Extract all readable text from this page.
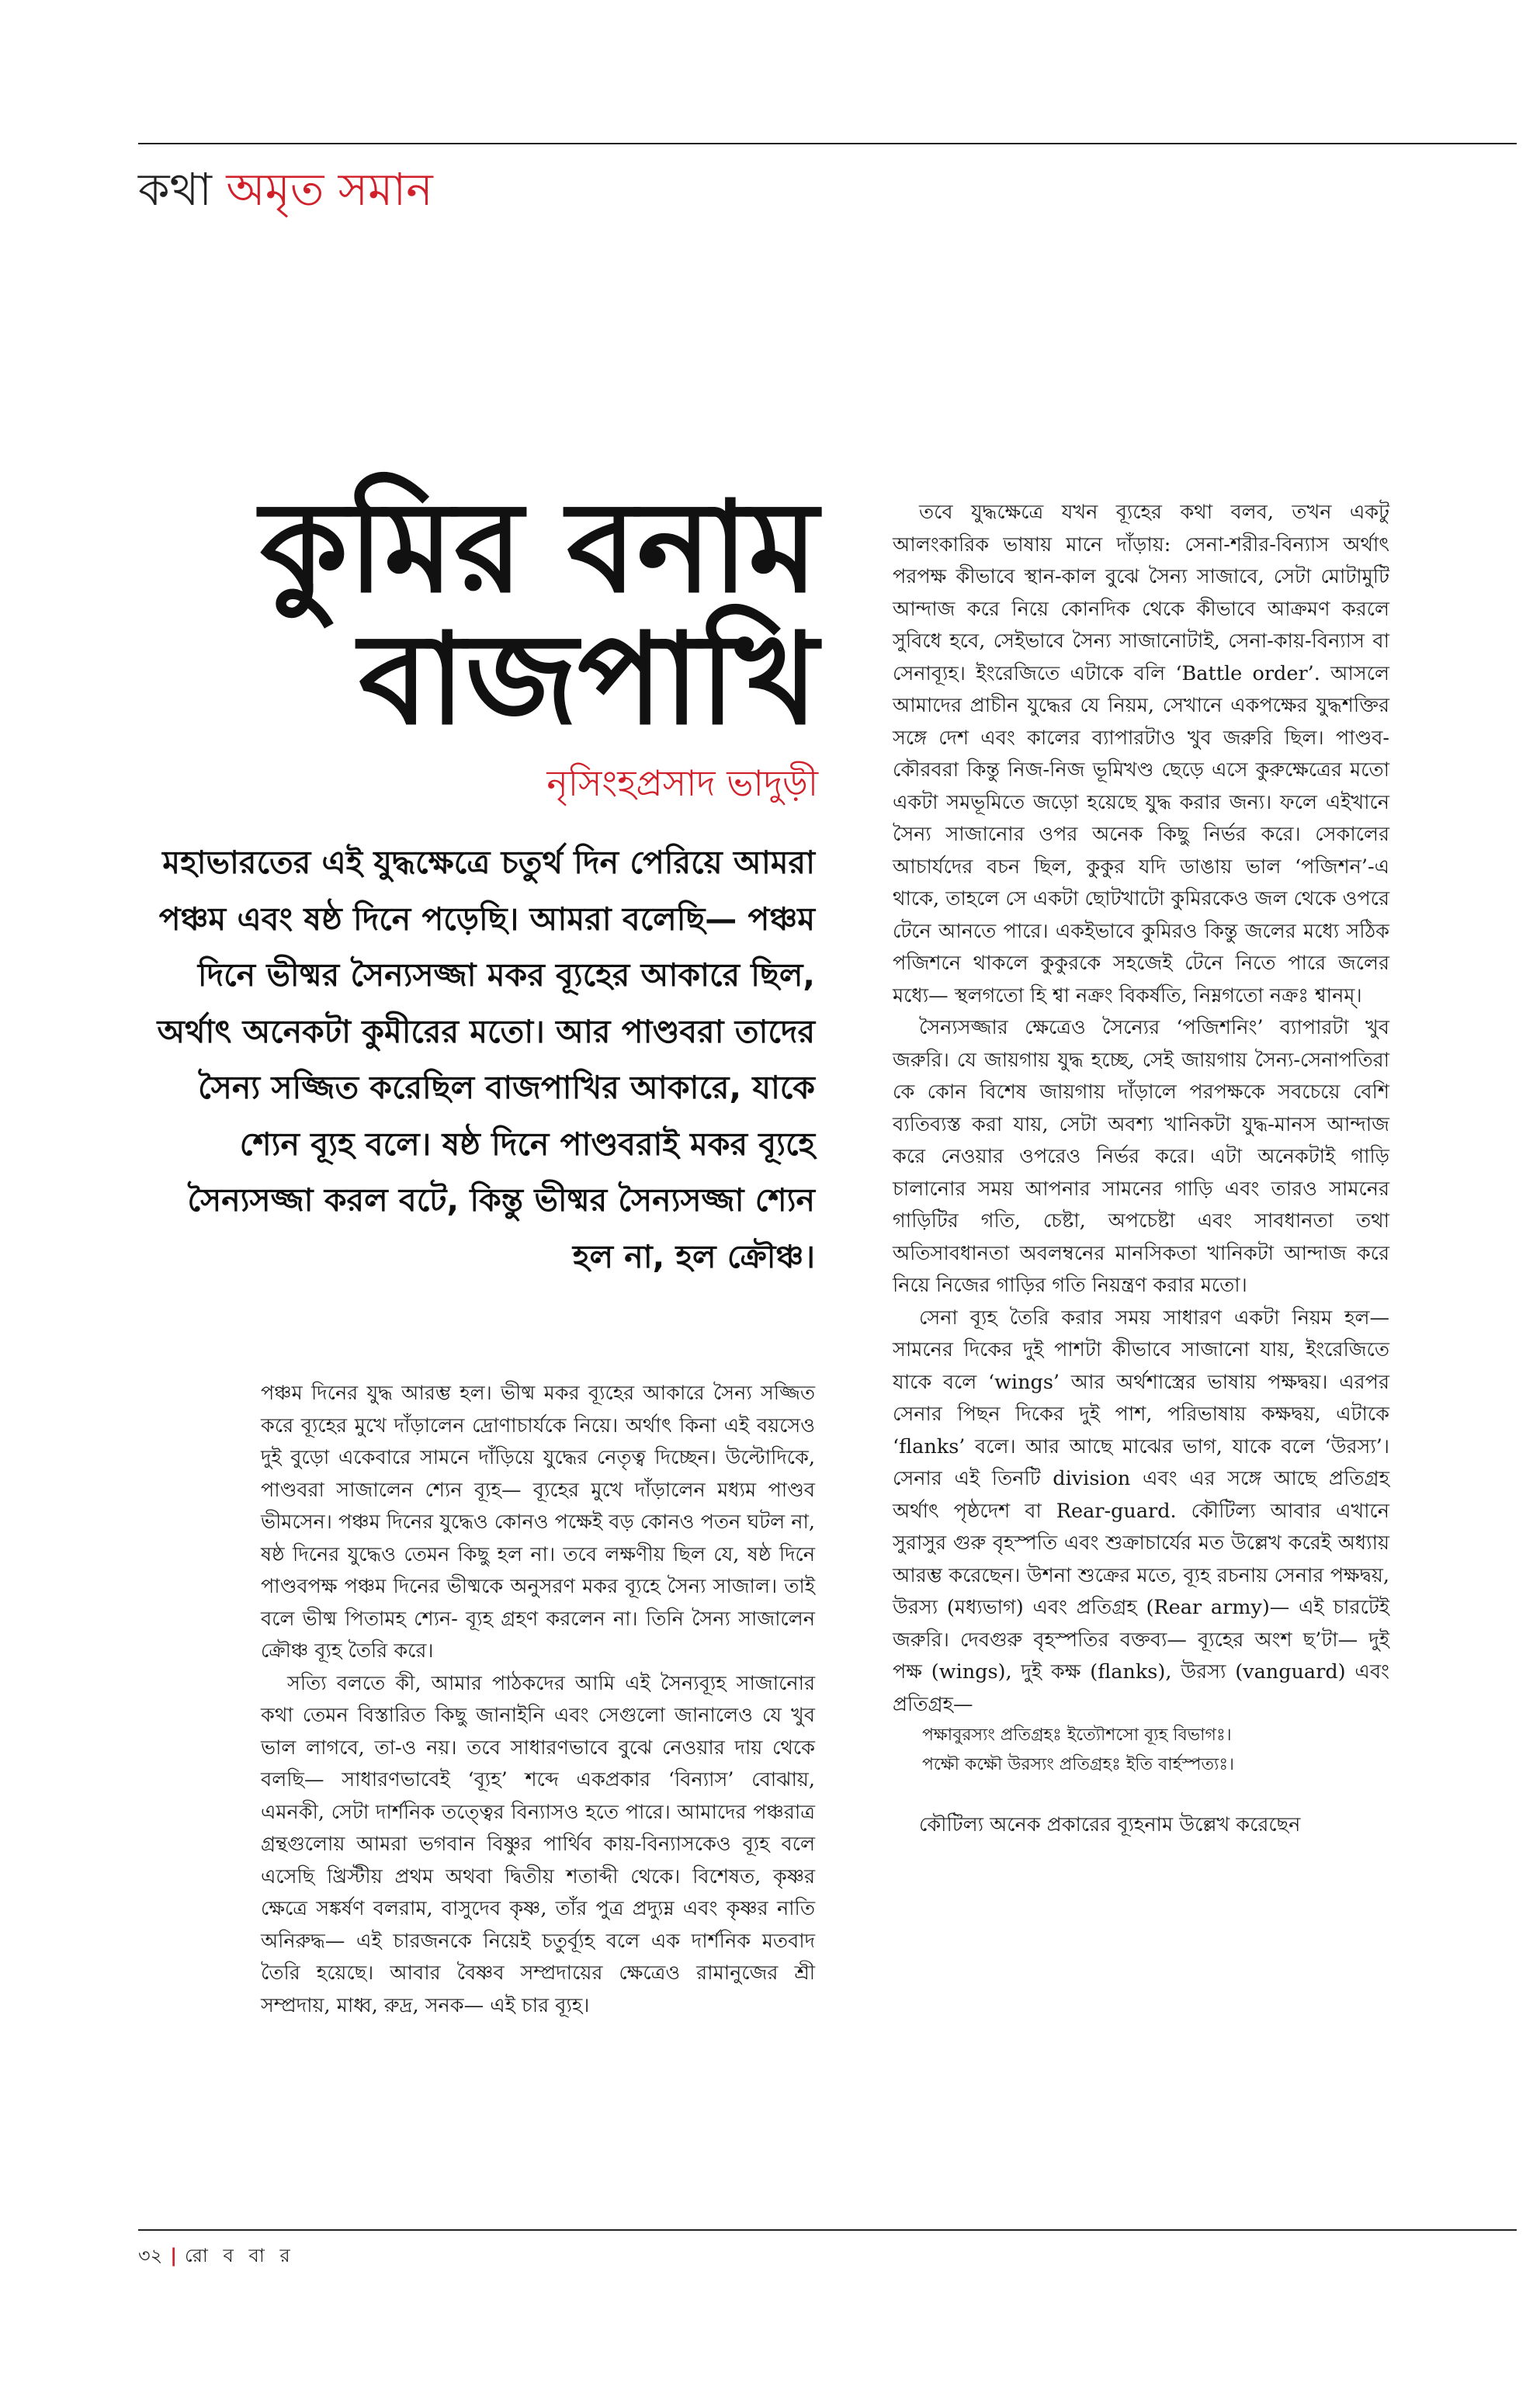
কথা অমৃত সমান
কুমির বনাম
বাজপাখি
নৃসিংহপ্রসাদ ভাদুড়ী

মহাভারতের এই যুদ্ধক্ষেত্রে চতুর্থ দিন পেরিয়ে আমরা পঞ্চম এবং ষষ্ঠ দিনে পড়েছি। আমরা বলেছি— পঞ্চম দিনে ভীষ্মর সৈন্যসজ্জা মকর ব্যূহের আকারে ছিল, অর্থাৎ অনেকটা কুমীরের মতো। আর পাণ্ডবরা তাদের সৈন্য সজ্জিত করেছিল বাজপাখির আকারে, যাকে শ্যেন ব্যূহ বলে। ষষ্ঠ দিনে পাণ্ডবরাই মকর ব্যূহে সৈন্যসজ্জা করল বটে, কিন্তু ভীষ্মর সৈন্যসজ্জা শ্যেন হল না, হল ক্রৌঞ্চ।

পঞ্চম দিনের যুদ্ধ আরম্ভ হল। ভীষ্ম মকর ব্যূহের আকারে সৈন্য সজ্জিত করে ব্যূহের মুখে দাঁড়ালেন দ্রোণাচার্যকে নিয়ে। অর্থাৎ কিনা এই বয়সেও দুই বুড়ো একেবারে সামনে দাঁড়িয়ে যুদ্ধের নেতৃত্ব দিচ্ছেন। উল্টোদিকে, পাণ্ডবরা সাজালেন শ্যেন ব্যূহ— ব্যূহের মুখে দাঁড়ালেন মধ্যম পাণ্ডব ভীমসেন। পঞ্চম দিনের যুদ্ধেও কোনও পক্ষেই বড় কোনও পতন ঘটল না, ষষ্ঠ দিনের যুদ্ধেও তেমন কিছু হল না। তবে লক্ষণীয় ছিল যে, ষষ্ঠ দিনে পাণ্ডবপক্ষ পঞ্চম দিনের ভীষ্মকে অনুসরণ মকর ব্যূহে সৈন্য সাজাল। তাই বলে ভীষ্ম পিতামহ শ্যেন- ব্যূহ গ্রহণ করলেন না। তিনি সৈন্য সাজালেন ক্রৌঞ্চ ব্যূহ তৈরি করে।

সত্যি বলতে কী, আমার পাঠকদের আমি এই সৈন্যব্যূহ সাজানোর কথা তেমন বিস্তারিত কিছু জানাইনি এবং সেগুলো জানালেও যে খুব ভাল লাগবে, তা-ও নয়। তবে সাধারণভাবে বুঝে নেওয়ার দায় থেকে বলছি— সাধারণভাবেই ‘ব্যূহ’ শব্দে একপ্রকার ‘বিন্যাস’ বোঝায়, এমনকী, সেটা দার্শনিক তত্ত্বের বিন্যাসও হতে পারে। আমাদের পঞ্চরাত্র গ্রন্থগুলোয় আমরা ভগবান বিষ্ণুর পার্থিব কায়-বিন্যাসকেও ব্যূহ বলে এসেছি খ্রিস্টীয় প্রথম অথবা দ্বিতীয় শতাব্দী থেকে। বিশেষত, কৃষ্ণর ক্ষেত্রে সঙ্কর্ষণ বলরাম, বাসুদেব কৃষ্ণ, তাঁর পুত্র প্রদ্যুম্ন এবং কৃষ্ণর নাতি অনিরুদ্ধ— এই চারজনকে নিয়েই চতুর্ব্যূহ বলে এক দার্শনিক মতবাদ তৈরি হয়েছে। আবার বৈষ্ণব সম্প্রদায়ের ক্ষেত্রেও রামানুজের শ্রী সম্প্রদায়, মাধ্ব, রুদ্র, সনক— এই চার ব্যূহ।

তবে যুদ্ধক্ষেত্রে যখন ব্যূহের কথা বলব, তখন একটু আলংকারিক ভাষায় মানে দাঁড়ায়: সেনা-শরীর-বিন্যাস অর্থাৎ পরপক্ষ কীভাবে স্থান-কাল বুঝে সৈন্য সাজাবে, সেটা মোটামুটি আন্দাজ করে নিয়ে কোনদিক থেকে কীভাবে আক্রমণ করলে সুবিধে হবে, সেইভাবে সৈন্য সাজানোটাই, সেনা-কায়-বিন্যাস বা সেনাব্যূহ। ইংরেজিতে এটাকে বলি ‘Battle order’. আসলে আমাদের প্রাচীন যুদ্ধের যে নিয়ম, সেখানে একপক্ষের যুদ্ধশক্তির সঙ্গে দেশ এবং কালের ব্যাপারটাও খুব জরুরি ছিল। পাণ্ডব-কৌরবরা কিন্তু নিজ-নিজ ভূমিখণ্ড ছেড়ে এসে কুরুক্ষেত্রের মতো একটা সমভূমিতে জড়ো হয়েছে যুদ্ধ করার জন্য। ফলে এইখানে সৈন্য সাজানোর ওপর অনেক কিছু নির্ভর করে। সেকালের আচার্যদের বচন ছিল, কুকুর যদি ডাঙায় ভাল ‘পজিশন’-এ থাকে, তাহলে সে একটা ছোটখাটো কুমিরকেও জল থেকে ওপরে টেনে আনতে পারে। একইভাবে কুমিরও কিন্তু জলের মধ্যে সঠিক পজিশনে থাকলে কুকুরকে সহজেই টেনে নিতে পারে জলের মধ্যে— স্থলগতো হি শ্বা নক্রং বিকর্ষতি, নিম্নগতো নক্রঃ শ্বানম্।

সৈন্যসজ্জার ক্ষেত্রেও সৈন্যের ‘পজিশনিং’ ব্যাপারটা খুব জরুরি। যে জায়গায় যুদ্ধ হচ্ছে, সেই জায়গায় সৈন্য-সেনাপতিরা কে কোন বিশেষ জায়গায় দাঁড়ালে পরপক্ষকে সবচেয়ে বেশি ব্যতিব্যস্ত করা যায়, সেটা অবশ্য খানিকটা যুদ্ধ-মানস আন্দাজ করে নেওয়ার ওপরেও নির্ভর করে। এটা অনেকটাই গাড়ি চালানোর সময় আপনার সামনের গাড়ি এবং তারও সামনের গাড়িটির গতি, চেষ্টা, অপচেষ্টা এবং সাবধানতা তথা অতিসাবধানতা অবলম্বনের মানসিকতা খানিকটা আন্দাজ করে নিয়ে নিজের গাড়ির গতি নিয়ন্ত্রণ করার মতো।

সেনা ব্যূহ তৈরি করার সময় সাধারণ একটা নিয়ম হল— সামনের দিকের দুই পাশটা কীভাবে সাজানো যায়, ইংরেজিতে যাকে বলে ‘wings’ আর অর্থশাস্ত্রের ভাষায় পক্ষদ্বয়। এরপর সেনার পিছন দিকের দুই পাশ, পরিভাষায় কক্ষদ্বয়, এটাকে ‘flanks’ বলে। আর আছে মাঝের ভাগ, যাকে বলে ‘উরস্য’। সেনার এই তিনটি division এবং এর সঙ্গে আছে প্রতিগ্রহ অর্থাৎ পৃষ্ঠদেশ বা Rear-guard. কৌটিল্য আবার এখানে সুরাসুর গুরু বৃহস্পতি এবং শুক্রাচার্যের মত উল্লেখ করেই অধ্যায় আরম্ভ করেছেন। উশনা শুক্রের মতে, ব্যূহ রচনায় সেনার পক্ষদ্বয়, উরস্য (মধ্যভাগ) এবং প্রতিগ্রহ (Rear army)— এই চারটেই জরুরি। দেবগুরু বৃহস্পতির বক্তব্য— ব্যূহের অংশ ছ’টা— দুই পক্ষ (wings), দুই কক্ষ (flanks), উরস্য (vanguard) এবং প্রতিগ্রহ—

পক্ষাবুরস্যং প্রতিগ্রহঃ ইত্যৌশসো ব্যূহ বিভাগঃ।

পক্ষৌ কক্ষৌ উরস্যং প্রতিগ্রহঃ ইতি বার্হস্পত্যঃ।

কৌটিল্য অনেক প্রকারের ব্যূহনাম উল্লেখ করেছেন

৩২ | রো ব বা র
